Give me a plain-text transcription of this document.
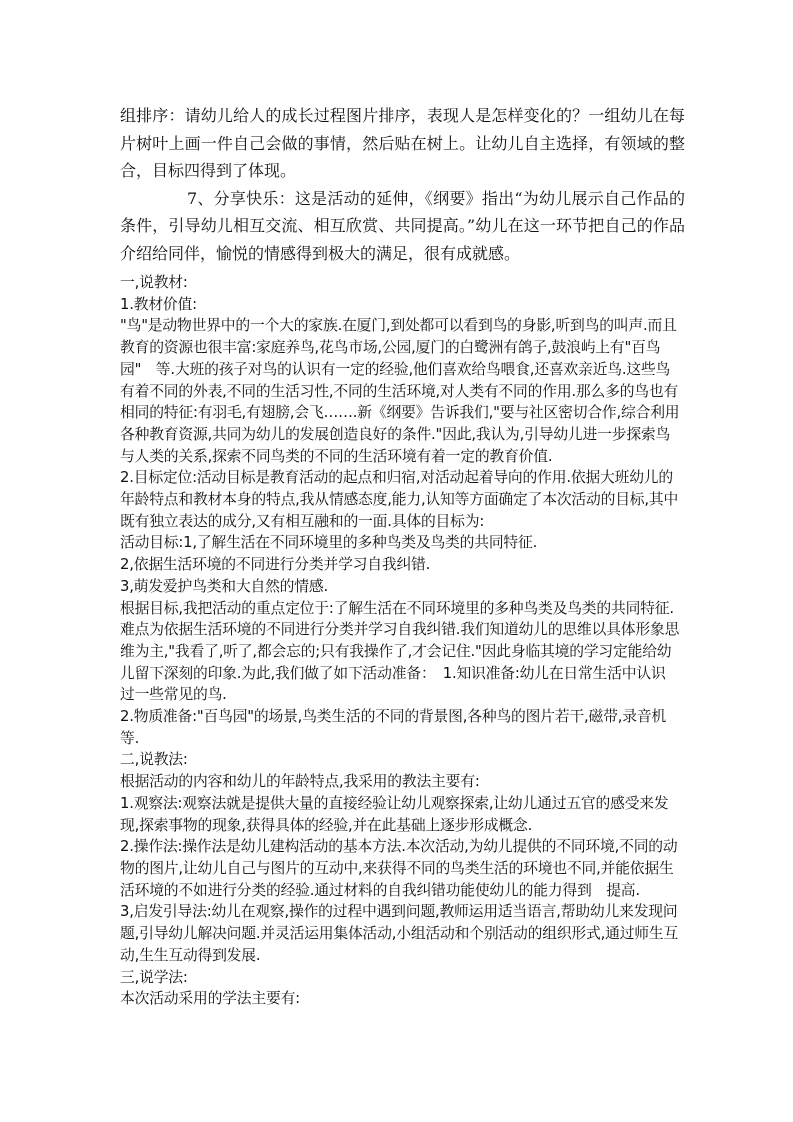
组排序：请幼儿给人的成长过程图片排序，表现人是怎样变化的？一组幼儿在每片树叶上画一件自己会做的事情，然后贴在树上。让幼儿自主选择，有领域的整合，目标四得到了体现。

7、分享快乐：这是活动的延伸，《纲要》指出“为幼儿展示自己作品的条件，引导幼儿相互交流、相互欣赏、共同提高。”幼儿在这一环节把自己的作品介绍给同伴，愉悦的情感得到极大的满足，很有成就感。

一,说教材:

1.教材价值:

"鸟"是动物世界中的一个大的家族.在厦门,到处都可以看到鸟的身影,听到鸟的叫声.而且教育的资源也很丰富:家庭养鸟,花鸟市场,公园,厦门的白鹭洲有鸽子,鼓浪屿上有"百鸟园"　等.大班的孩子对鸟的认识有一定的经验,他们喜欢给鸟喂食,还喜欢亲近鸟.这些鸟有着不同的外表,不同的生活习性,不同的生活环境,对人类有不同的作用.那么多的鸟也有相同的特征:有羽毛,有翅膀,会飞…….新《纲要》告诉我们,"要与社区密切合作,综合利用各种教育资源,共同为幼儿的发展创造良好的条件."因此,我认为,引导幼儿进一步探索鸟与人类的关系,探索不同鸟类的不同的生活环境有着一定的教育价值.

2.目标定位:活动目标是教育活动的起点和归宿,对活动起着导向的作用.依据大班幼儿的年龄特点和教材本身的特点,我从情感态度,能力,认知等方面确定了本次活动的目标,其中既有独立表达的成分,又有相互融和的一面.具体的目标为:

活动目标:1,了解生活在不同环境里的多种鸟类及鸟类的共同特征.

2,依据生活环境的不同进行分类并学习自我纠错.

3,萌发爱护鸟类和大自然的情感.

根据目标,我把活动的重点定位于:了解生活在不同环境里的多种鸟类及鸟类的共同特征.难点为依据生活环境的不同进行分类并学习自我纠错.我们知道幼儿的思维以具体形象思维为主,"我看了,听了,都会忘的;只有我操作了,才会记住."因此身临其境的学习定能给幼儿留下深刻的印象.为此,我们做了如下活动准备：　1.知识准备:幼儿在日常生活中认识过一些常见的鸟.

2.物质准备:"百鸟园"的场景,鸟类生活的不同的背景图,各种鸟的图片若干,磁带,录音机等.

二,说教法:

根据活动的内容和幼儿的年龄特点,我采用的教法主要有:

1.观察法:观察法就是提供大量的直接经验让幼儿观察探索,让幼儿通过五官的感受来发现,探索事物的现象,获得具体的经验,并在此基础上逐步形成概念.

2.操作法:操作法是幼儿建构活动的基本方法.本次活动,为幼儿提供的不同环境,不同的动物的图片,让幼儿自己与图片的互动中,来获得不同的鸟类生活的环境也不同,并能依据生活环境的不如进行分类的经验.通过材料的自我纠错功能使幼儿的能力得到　提高.

3,启发引导法:幼儿在观察,操作的过程中遇到问题,教师运用适当语言,帮助幼儿来发现问题,引导幼儿解决问题.并灵活运用集体活动,小组活动和个别活动的组织形式,通过师生互动,生生互动得到发展.

三,说学法:

本次活动采用的学法主要有:
